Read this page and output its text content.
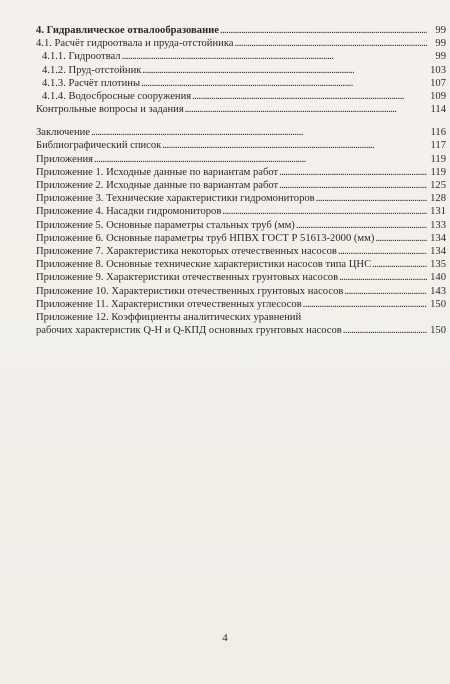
4. Гидравлическое отвалообразование . . .	99
4.1. Расчёт гидроотвала и пруда-отстойника . . .	99
4.1.1. Гидроотвал . . .	99
4.1.2. Пруд-отстойник . . .	103
4.1.3. Расчёт плотины . . .	107
4.1.4. Водосбросные сооружения . . .	109
Контрольные вопросы и задания . . .	114
Заключение . . .	116
Библиографический список . . .	117
Приложения . . .	119
Приложение 1. Исходные данные по вариантам работ . . .	119
Приложение 2. Исходные данные по вариантам работ . . .	125
Приложение 3. Технические характеристики гидромониторов . . .	128
Приложение 4. Насадки гидромониторов . . .	131
Приложение 5. Основные параметры стальных труб (мм) . . .	133
Приложение 6. Основные параметры труб НПВХ ГОСТ Р 51613-2000 (мм) . . .	134
Приложение 7. Характеристика некоторых отечественных насосов . . .	134
Приложение 8. Основные технические характеристики насосов типа ЦНС . . .	135
Приложение 9. Характеристики отечественных грунтовых насосов . . .	140
Приложение 10. Характеристики отечественных грунтовых насосов . . .	143
Приложение 11. Характеристики отечественных углесосов . . .	150
Приложение 12. Коэффициенты аналитических уравнений
рабочих характеристик Q-H и Q-КПД основных грунтовых насосов . . .	150
4
